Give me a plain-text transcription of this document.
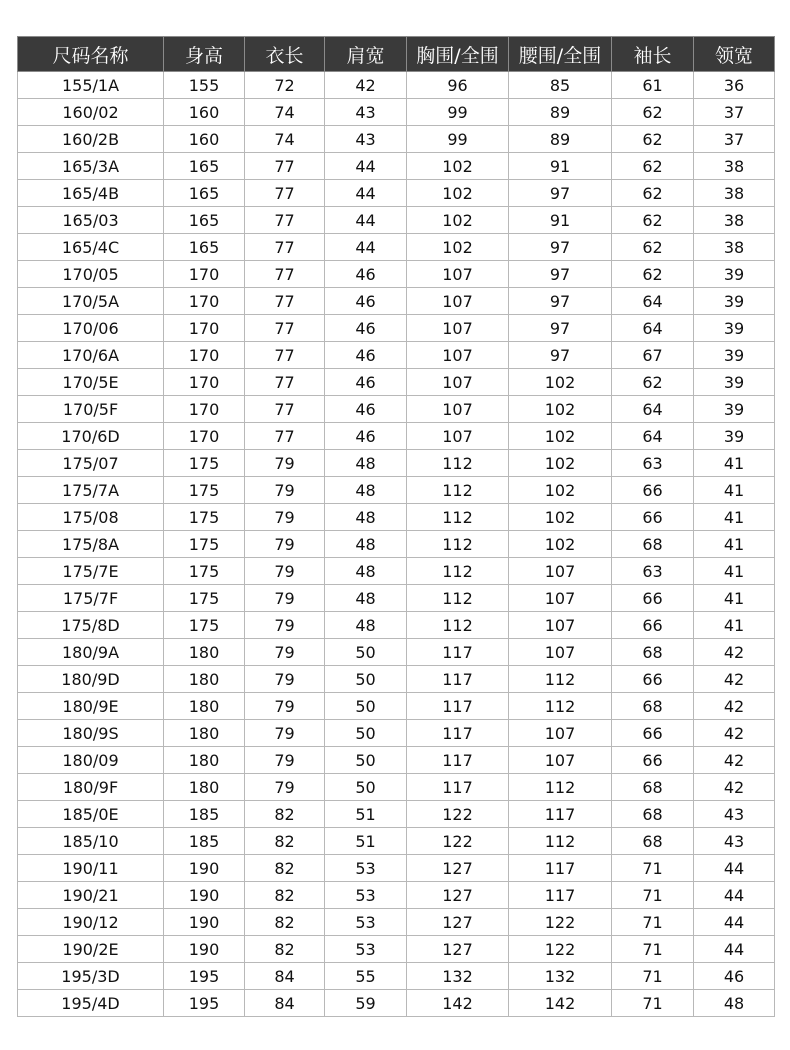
尺码名称	身高	衣长	肩宽	胸围/全围	腰围/全围	袖长	领宽
155/1A	155	72	42	96	85	61	36
160/02	160	74	43	99	89	62	37
160/2B	160	74	43	99	89	62	37
165/3A	165	77	44	102	91	62	38
165/4B	165	77	44	102	97	62	38
165/03	165	77	44	102	91	62	38
165/4C	165	77	44	102	97	62	38
170/05	170	77	46	107	97	62	39
170/5A	170	77	46	107	97	64	39
170/06	170	77	46	107	97	64	39
170/6A	170	77	46	107	97	67	39
170/5E	170	77	46	107	102	62	39
170/5F	170	77	46	107	102	64	39
170/6D	170	77	46	107	102	64	39
175/07	175	79	48	112	102	63	41
175/7A	175	79	48	112	102	66	41
175/08	175	79	48	112	102	66	41
175/8A	175	79	48	112	102	68	41
175/7E	175	79	48	112	107	63	41
175/7F	175	79	48	112	107	66	41
175/8D	175	79	48	112	107	66	41
180/9A	180	79	50	117	107	68	42
180/9D	180	79	50	117	112	66	42
180/9E	180	79	50	117	112	68	42
180/9S	180	79	50	117	107	66	42
180/09	180	79	50	117	107	66	42
180/9F	180	79	50	117	112	68	42
185/0E	185	82	51	122	117	68	43
185/10	185	82	51	122	112	68	43
190/11	190	82	53	127	117	71	44
190/21	190	82	53	127	117	71	44
190/12	190	82	53	127	122	71	44
190/2E	190	82	53	127	122	71	44
195/3D	195	84	55	132	132	71	46
195/4D	195	84	59	142	142	71	48
